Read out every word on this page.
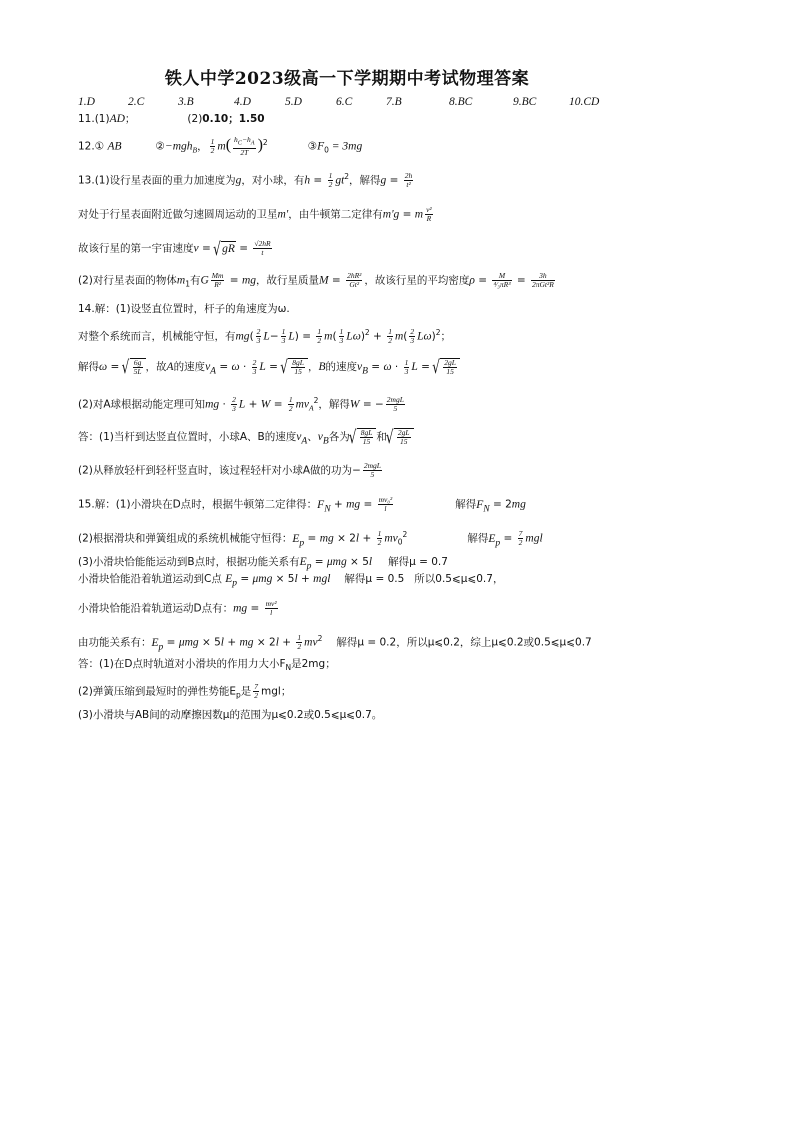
铁人中学2023级高一下学期期中考试物理答案
1.D	2.C	3.B	4.D	5.D	6.C	7.B	8.BC	9.BC	10.CD
11.(1)AD；	(2)0.10；1.50
12.① AB	②−mgh$_B$， $\frac{1}{2} m( \frac{h_C-h_A}{2T} )^2$	$③F_0 = 3mg$
13.(1)设行星表面的重力加速度为g，对小球，有$h = \frac{1}{2} gt^2$，解得$g = \frac{2h}{\text{t²}}$
对处于行星表面附近做匀速圆周运动的卫星m'，由牛顿第二定律有m'g = m $\frac{\text{v²}}{R}$
故该行星的第一宇宙速度v = √ gR = $\frac{√2hR}{t}$
(2)对行星表面的物体$m_1$有G $\frac{Mm}{\text{R²}}$ = mg，故行星质量$M = \frac{\text{2hR²}}{\text{Gt²}}$ ，故该行星的平均密度$\rho = \frac{M}{\text{⁴⁄₃πR³}} = \frac{3h}{\text{2πGt²R}}$
14.解：(1)设竖直位置时，杆子的角速度为ω.
对整个系统而言，机械能守恒，有$mg( \frac{2}{3} L- \frac{1}{3} L) = \frac{1}{2} m( \frac{1}{3} L\omega)^2 + \frac{1}{2} m( \frac{2}{3} L\omega)^2$；
解得ω = √ $\frac{6g}{5L}$ ，故A的速度$v_A = \omega \cdot \frac{2}{3}$ L = √ $\frac{8gL}{15}$ ，B的速度$v_B = \omega \cdot \frac{1}{3}$ L = √ $\frac{2gL}{15}$
(2)对A球根据动能定理可知mg · $\frac{2}{3}$ $L + W = \frac{1}{2} mv_A^2$，解得W = − $\frac{\text{2mgL}}{5}$
答：(1)当杆到达竖直位置时，小球A、B的速度$v_A$、$v_B$各为 √ $\frac{8gL}{15}$ 和 √ $\frac{2gL}{15}$
(2)从释放轻杆到轻杆竖直时，该过程轻杆对小球A做的功为− $\frac{\text{2mgL}}{5}$
15.解：(1)小滑块在D点时，根据牛顿第二定律得：$F_N$ + mg = $\frac{\text{mv₀²}}{l}$	解得$F_N = 2mg$
(2)根据滑块和弹簧组成的系统机械能守恒得：$E_p$ = mg × $2l + \frac{1}{2} mv_0^2$	解得$E_p = \frac{7}{2}$ mgl
(3)小滑块恰能能运动到B点时，根据功能关系有$E_p = \mu mg \times 5l$ 解得μ = 0.7
小滑块恰能沿着轨道运动到C点 $E_p = \mu mg \times 5l$ + mgl 解得μ = 0.5 所以0.5⩽μ⩽0.7，
小滑块恰能沿着轨道运动D点有：mg = $\frac{\text{mv²}}{l}$
由功能关系有：$E_p = \mu mg \times 5l$ + mg × $2l + \frac{1}{2} mv^2$ 解得μ = 0.2，所以μ⩽0.2，综上μ⩽0.2或0.5⩽μ⩽0.7
答：(1)在D点时轨道对小滑块的作用力大小$F_N$是2mg；
(2)弹簧压缩到最短时的弹性势能$E_p$是 $\frac{7}{2}$ mgl；
(3)小滑块与AB间的动摩擦因数μ的范围为μ⩽0.2或0.5⩽μ⩽0.7。
